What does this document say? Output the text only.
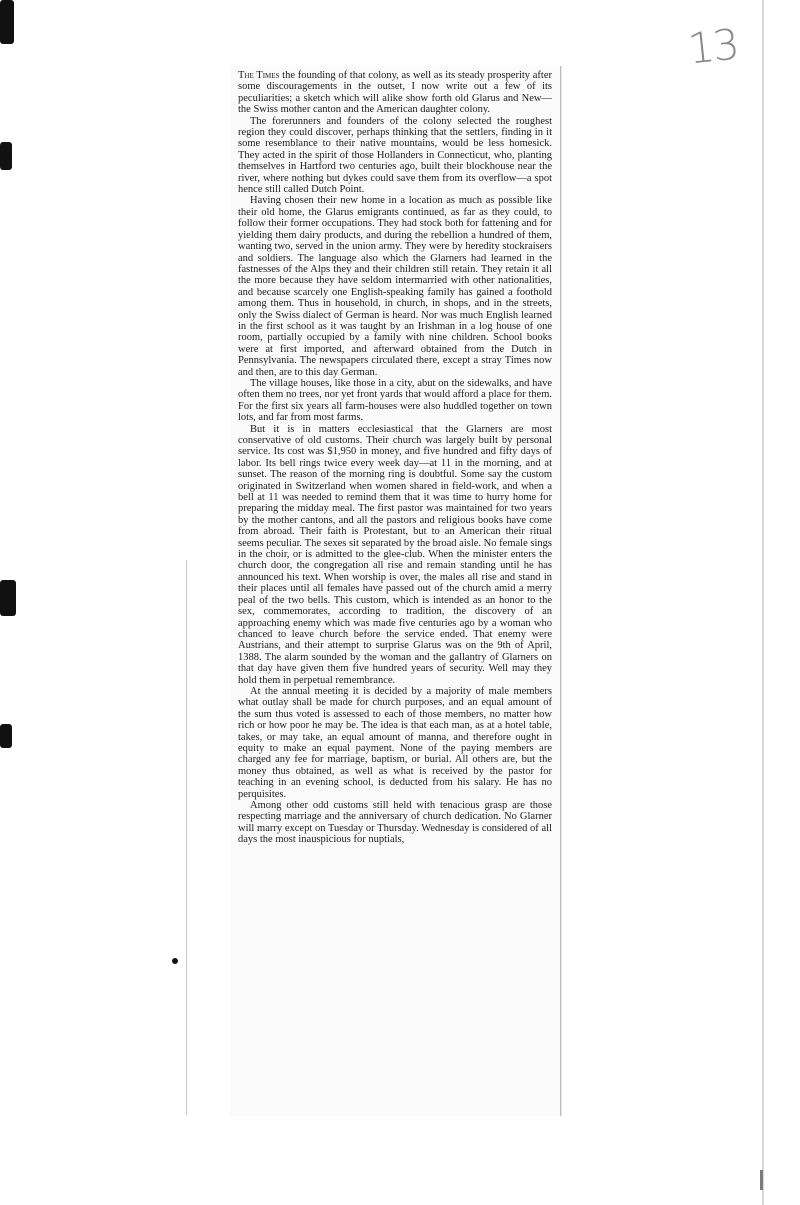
13

The Times the founding of that colony, as well as its steady prosperity after some discouragements in the outset, I now write out a few of its peculiarities; a sketch which will alike show forth old Glarus and New—the Swiss mother canton and the American daughter colony.

The forerunners and founders of the colony selected the roughest region they could discover, perhaps thinking that the settlers, finding in it some resemblance to their native mountains, would be less homesick. They acted in the spirit of those Hollanders in Connecticut, who, planting themselves in Hartford two centuries ago, built their blockhouse near the river, where nothing but dykes could save them from its overflow—a spot hence still called Dutch Point.

Having chosen their new home in a location as much as possible like their old home, the Glarus emigrants continued, as far as they could, to follow their former occupations. They had stock both for fattening and for yielding them dairy products, and during the rebellion a hundred of them, wanting two, served in the union army. They were by heredity stockraisers and soldiers. The language also which the Glarners had learned in the fastnesses of the Alps they and their children still retain. They retain it all the more because they have seldom intermarried with other nationalities, and because scarcely one English-speaking family has gained a foothold among them. Thus in household, in church, in shops, and in the streets, only the Swiss dialect of German is heard. Nor was much English learned in the first school as it was taught by an Irishman in a log house of one room, partially occupied by a family with nine children. School books were at first imported, and afterward obtained from the Dutch in Pennsylvania. The newspapers circulated there, except a stray Times now and then, are to this day German.

The village houses, like those in a city, abut on the sidewalks, and have often them no trees, nor yet front yards that would afford a place for them. For the first six years all farm-houses were also huddled together on town lots, and far from most farms.

But it is in matters ecclesiastical that the Glarners are most conservative of old customs. Their church was largely built by personal service. Its cost was $1,950 in money, and five hundred and fifty days of labor. Its bell rings twice every week day—at 11 in the morning, and at sunset. The reason of the morning ring is doubtful. Some say the custom originated in Switzerland when women shared in field-work, and when a bell at 11 was needed to remind them that it was time to hurry home for preparing the midday meal. The first pastor was maintained for two years by the mother cantons, and all the pastors and religious books have come from abroad. Their faith is Protestant, but to an American their ritual seems peculiar. The sexes sit separated by the broad aisle. No female sings in the choir, or is admitted to the glee-club. When the minister enters the church door, the congregation all rise and remain standing until he has announced his text. When worship is over, the males all rise and stand in their places until all females have passed out of the church amid a merry peal of the two bells. This custom, which is intended as an honor to the sex, commemorates, according to tradition, the discovery of an approaching enemy which was made five centuries ago by a woman who chanced to leave church before the service ended. That enemy were Austrians, and their attempt to surprise Glarus was on the 9th of April, 1388. The alarm sounded by the woman and the gallantry of Glarners on that day have given them five hundred years of security. Well may they hold them in perpetual remembrance.

At the annual meeting it is decided by a majority of male members what outlay shall be made for church purposes, and an equal amount of the sum thus voted is assessed to each of those members, no matter how rich or how poor he may be. The idea is that each man, as at a hotel table, takes, or may take, an equal amount of manna, and therefore ought in equity to make an equal payment. None of the paying members are charged any fee for marriage, baptism, or burial. All others are, but the money thus obtained, as well as what is received by the pastor for teaching in an evening school, is deducted from his salary. He has no perquisites.

Among other odd customs still held with tenacious grasp are those respecting marriage and the anniversary of church dedication. No Glarner will marry except on Tuesday or Thursday. Wednesday is considered of all days the most inauspicious for nuptials,
